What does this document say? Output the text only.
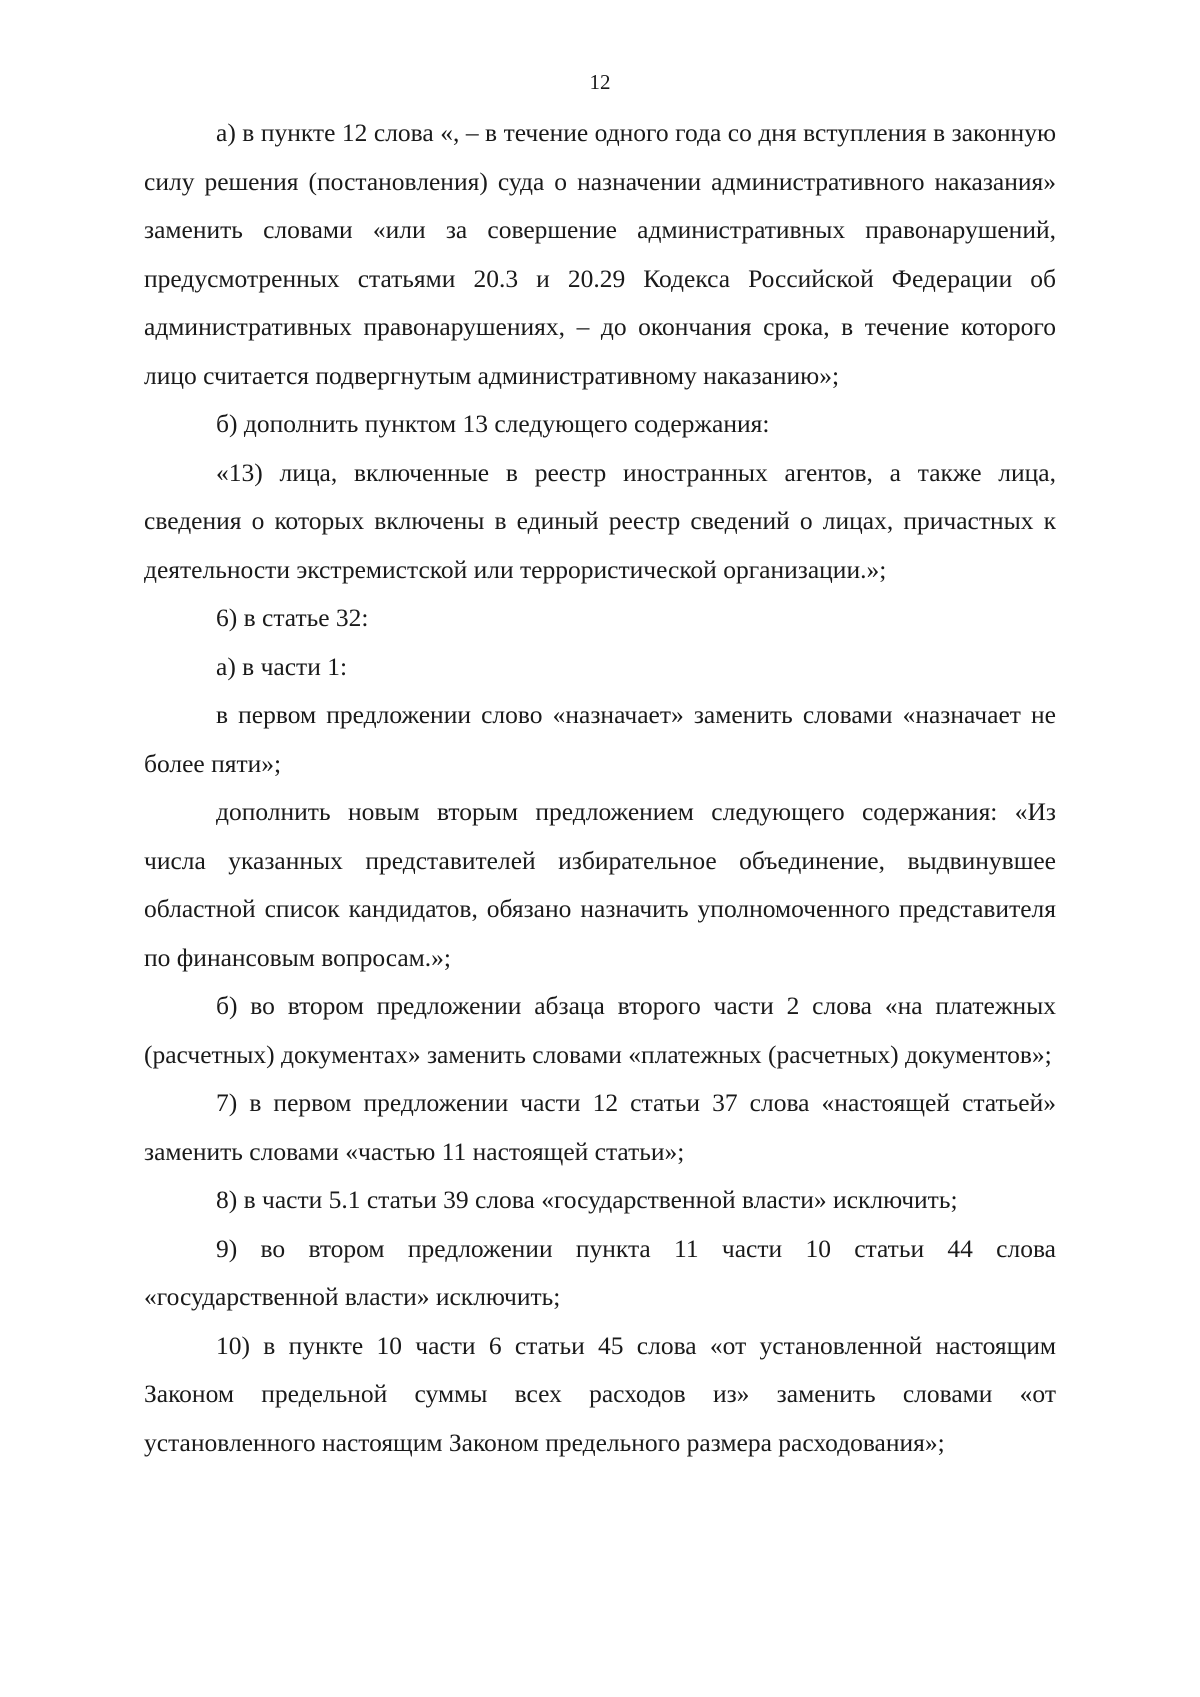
12

а) в пункте 12 слова «, – в течение одного года со дня вступления в законную силу решения (постановления) суда о назначении административного наказания» заменить словами «или за совершение административных правонарушений, предусмотренных статьями 20.3 и 20.29 Кодекса Российской Федерации об административных правонарушениях, – до окончания срока, в течение которого лицо считается подвергнутым административному наказанию»;

б) дополнить пунктом 13 следующего содержания:

«13) лица, включенные в реестр иностранных агентов, а также лица, сведения о которых включены в единый реестр сведений о лицах, причастных к деятельности экстремистской или террористической организации.»;

6) в статье 32:

а) в части 1:

в первом предложении слово «назначает» заменить словами «назначает не более пяти»;

дополнить новым вторым предложением следующего содержания: «Из числа указанных представителей избирательное объединение, выдвинувшее областной список кандидатов, обязано назначить уполномоченного представителя по финансовым вопросам.»;

б) во втором предложении абзаца второго части 2 слова «на платежных (расчетных) документах» заменить словами «платежных (расчетных) документов»;

7) в первом предложении части 12 статьи 37 слова «настоящей статьей» заменить словами «частью 11 настоящей статьи»;

8) в части 5.1 статьи 39 слова «государственной власти» исключить;

9) во втором предложении пункта 11 части 10 статьи 44 слова «государственной власти» исключить;

10) в пункте 10 части 6 статьи 45 слова «от установленной настоящим Законом предельной суммы всех расходов из» заменить словами «от установленного настоящим Законом предельного размера расходования»;
